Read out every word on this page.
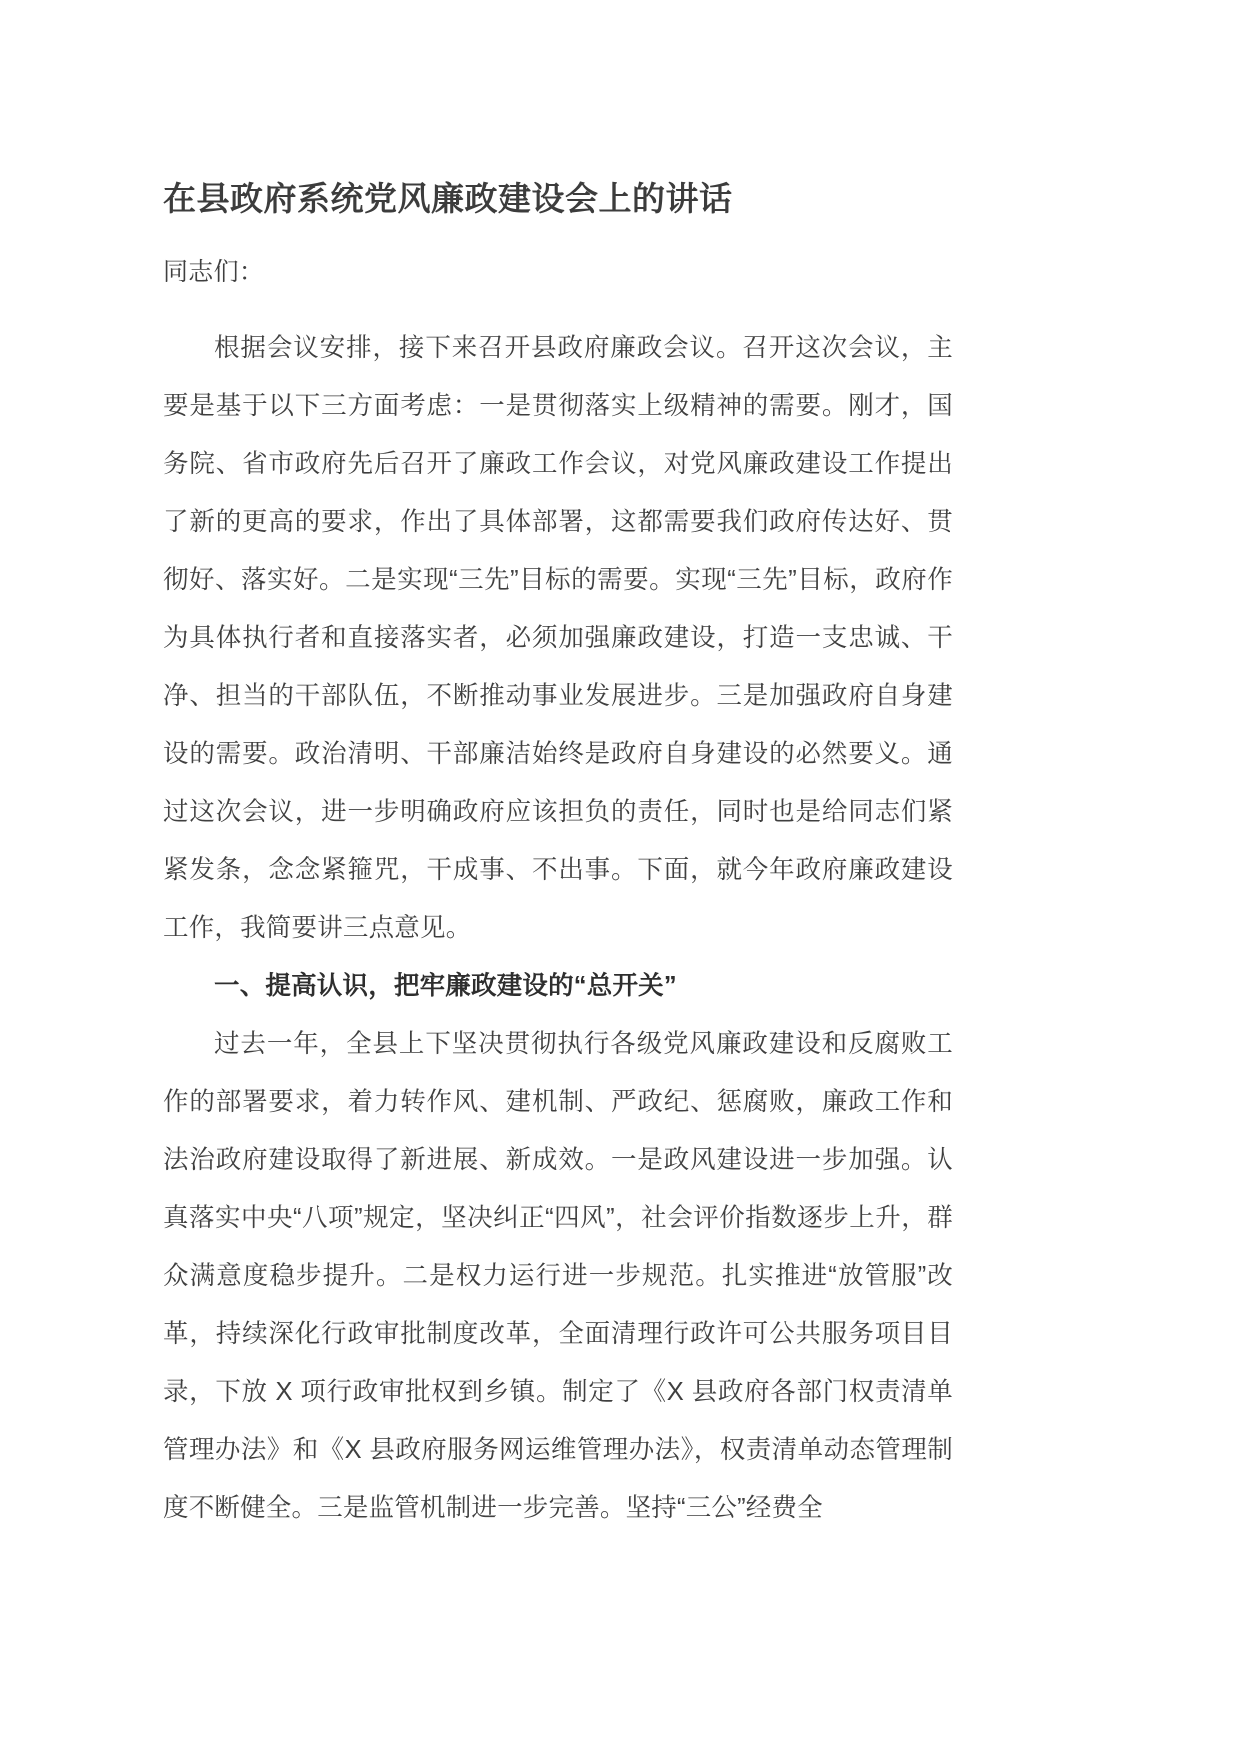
在县政府系统党风廉政建设会上的讲话

同志们：

根据会议安排，接下来召开县政府廉政会议。召开这次会议，主要是基于以下三方面考虑：一是贯彻落实上级精神的需要。刚才，国务院、省市政府先后召开了廉政工作会议，对党风廉政建设工作提出了新的更高的要求，作出了具体部署，这都需要我们政府传达好、贯彻好、落实好。二是实现“三先”目标的需要。实现“三先”目标，政府作为具体执行者和直接落实者，必须加强廉政建设，打造一支忠诚、干净、担当的干部队伍，不断推动事业发展进步。三是加强政府自身建设的需要。政治清明、干部廉洁始终是政府自身建设的必然要义。通过这次会议，进一步明确政府应该担负的责任，同时也是给同志们紧紧发条，念念紧箍咒，干成事、不出事。下面，就今年政府廉政建设工作，我简要讲三点意见。

一、提高认识，把牢廉政建设的“总开关”

过去一年，全县上下坚决贯彻执行各级党风廉政建设和反腐败工作的部署要求，着力转作风、建机制、严政纪、惩腐败，廉政工作和法治政府建设取得了新进展、新成效。一是政风建设进一步加强。认真落实中央“八项”规定，坚决纠正“四风”，社会评价指数逐步上升，群众满意度稳步提升。二是权力运行进一步规范。扎实推进“放管服”改革，持续深化行政审批制度改革，全面清理行政许可公共服务项目目录，下放 X 项行政审批权到乡镇。制定了《X 县政府各部门权责清单管理办法》和《X 县政府服务网运维管理办法》，权责清单动态管理制度不断健全。三是监管机制进一步完善。坚持“三公”经费全
